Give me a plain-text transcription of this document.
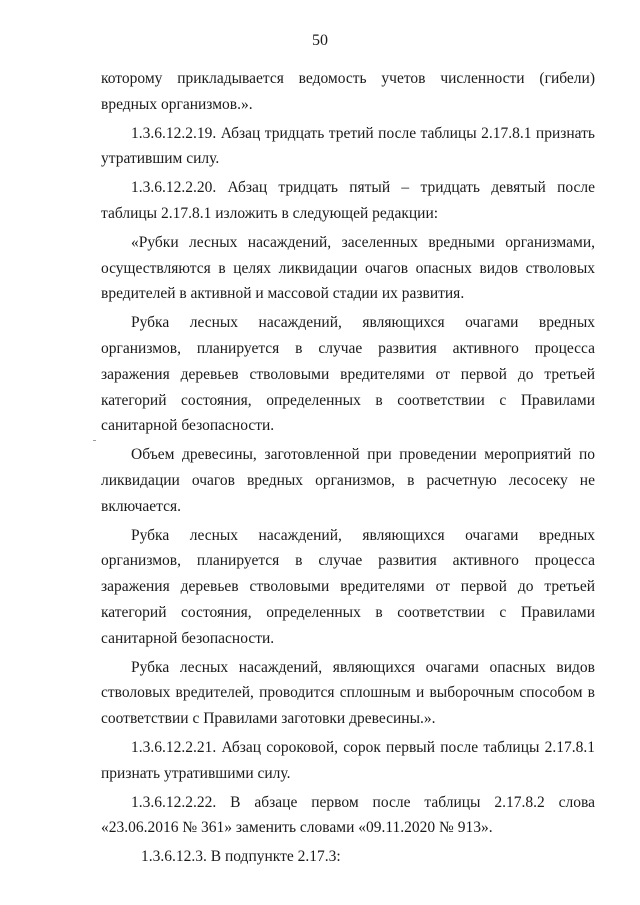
50

которому прикладывается ведомость учетов численности (гибели) вредных организмов.».

1.3.6.12.2.19. Абзац тридцать третий после таблицы 2.17.8.1 признать утратившим силу.

1.3.6.12.2.20. Абзац тридцать пятый – тридцать девятый после таблицы 2.17.8.1 изложить в следующей редакции:

«Рубки лесных насаждений, заселенных вредными организмами, осуществляются в целях ликвидации очагов опасных видов стволовых вредителей в активной и массовой стадии их развития.

Рубка лесных насаждений, являющихся очагами вредных организмов, планируется в случае развития активного процесса заражения деревьев стволовыми вредителями от первой до третьей категорий состояния, определенных в соответствии с Правилами санитарной безопасности.

Объем древесины, заготовленной при проведении мероприятий по ликвидации очагов вредных организмов, в расчетную лесосеку не включается.

Рубка лесных насаждений, являющихся очагами вредных организмов, планируется в случае развития активного процесса заражения деревьев стволовыми вредителями от первой до третьей категорий состояния, определенных в соответствии с Правилами санитарной безопасности.

Рубка лесных насаждений, являющихся очагами опасных видов стволовых вредителей, проводится сплошным и выборочным способом в соответствии с Правилами заготовки древесины.».

1.3.6.12.2.21. Абзац сороковой, сорок первый после таблицы 2.17.8.1 признать утратившими силу.

1.3.6.12.2.22. В абзаце первом после таблицы 2.17.8.2 слова «23.06.2016 № 361» заменить словами «09.11.2020 № 913».

1.3.6.12.3. В подпункте 2.17.3:
